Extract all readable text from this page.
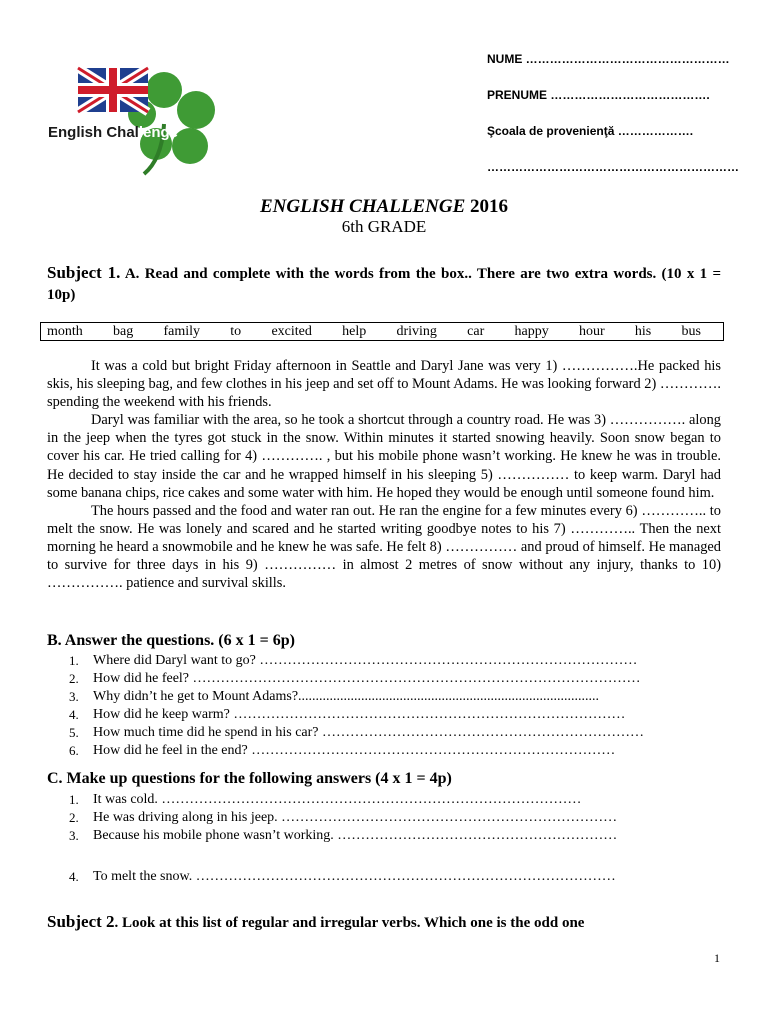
English Challenge
NUME ……………………………………………
PRENUME ………………………………….
Şcoala de provenienţă ……………….
………………………………………………………
ENGLISH CHALLENGE 2016
6th GRADE
Subject 1. A. Read and complete with the words from the box.. There are two extra words. (10 x 1 = 10p)
month bag family to excited help driving car happy hour his bus

It was a cold but bright Friday afternoon in Seattle and Daryl Jane was very 1) …………….He packed his skis, his sleeping bag, and few clothes in his jeep and set off to Mount Adams. He was looking forward 2) …………. spending the weekend with his friends.

Daryl was familiar with the area, so he took a shortcut through a country road. He was 3) ……………. along in the jeep when the tyres got stuck in the snow. Within minutes it started snowing heavily. Soon snow began to cover his car. He tried calling for 4) …………. , but his mobile phone wasn’t working. He knew he was in trouble. He decided to stay inside the car and he wrapped himself in his sleeping 5) …………… to keep warm. Daryl had some banana chips, rice cakes and some water with him. He hoped they would be enough until someone found him.

The hours passed and the food and water ran out. He ran the engine for a few minutes every 6) ………….. to melt the snow. He was lonely and scared and he started writing goodbye notes to his 7) ………….. Then the next morning he heard a snowmobile and he knew he was safe. He felt 8) …………… and proud of himself. He managed to survive for three days in his 9) …………… in almost 2 metres of snow without any injury, thanks to 10) ……………. patience and survival skills.

B. Answer the questions. (6 x 1 = 6p)
1. Where did Daryl want to go? ………………………………………………………………………
2. How did he feel? ……………………………………………………………………………………
3. Why didn’t he get to Mount Adams?......................................................................................
4. How did he keep warm? …………………………………………………………………………
5. How much time did he spend in his car? ……………………………………………………………
6. How did he feel in the end? ……………………………………………………………………
C. Make up questions for the following answers (4 x 1 = 4p)
1. It was cold. ………………………………………………………………………………
2. He was driving along in his jeep. ………………………………………………………………
3. Because his mobile phone wasn’t working. ……………………………………………………
4. To melt the snow. ………………………………………………………………………………
Subject 2. Look at this list of regular and irregular verbs. Which one is the odd one
1
